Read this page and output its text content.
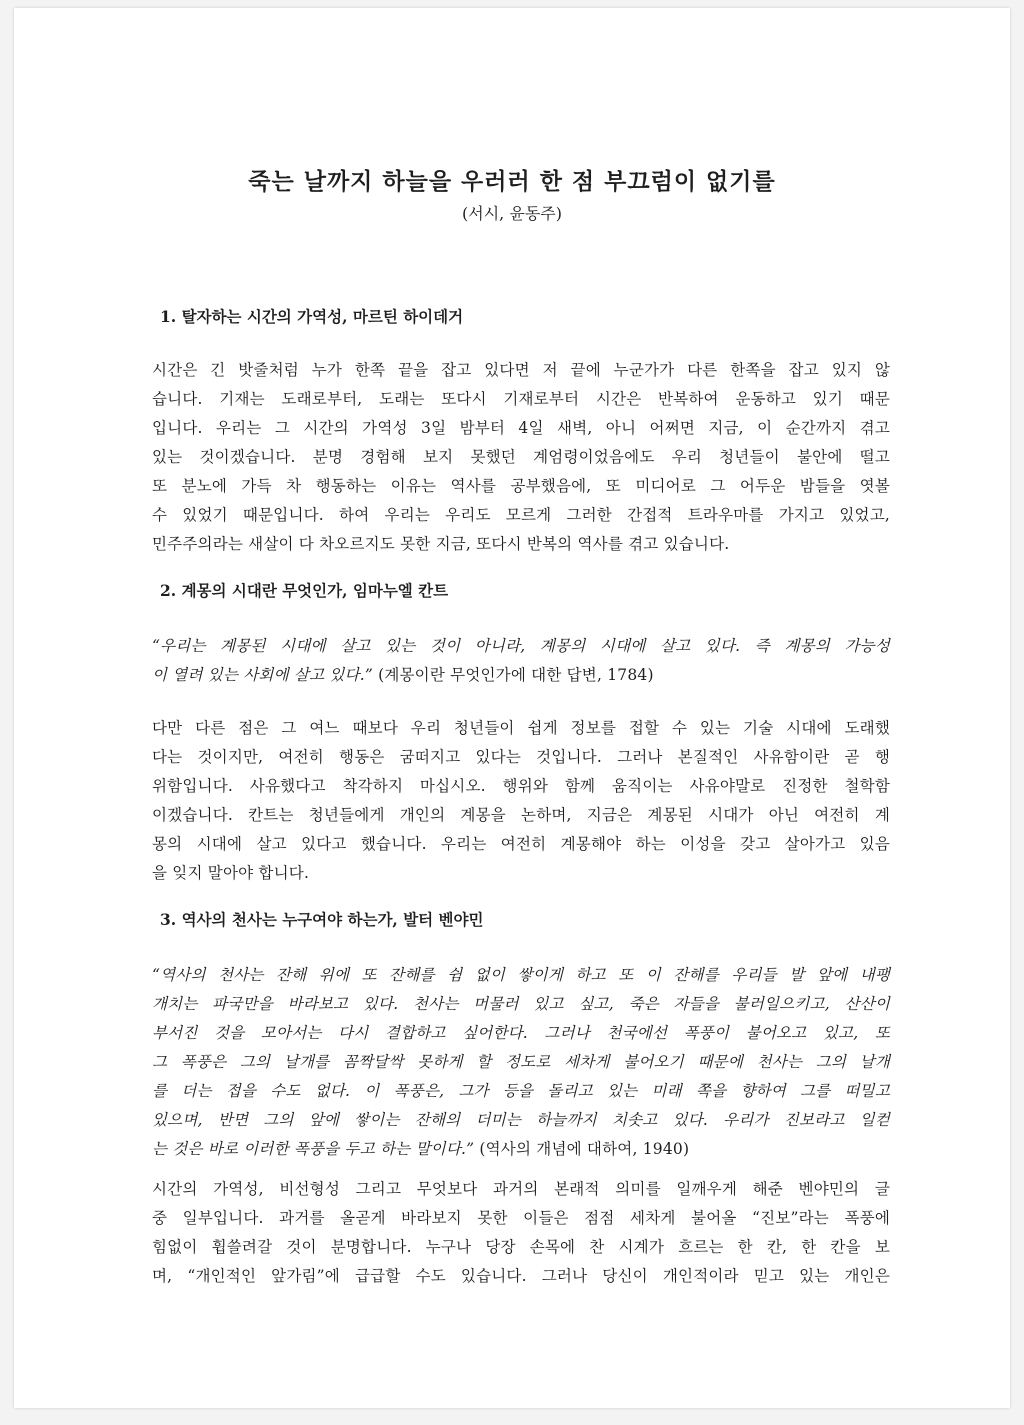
죽는 날까지 하늘을 우러러 한 점 부끄럼이 없기를

(서시, 윤동주)

1. 탈자하는 시간의 가역성, 마르틴 하이데거

시간은 긴 밧줄처럼 누가 한쪽 끝을 잡고 있다면 저 끝에 누군가가 다른 한쪽을 잡고 있지 않
습니다. 기재는 도래로부터, 도래는 또다시 기재로부터 시간은 반복하여 운동하고 있기 때문
입니다. 우리는 그 시간의 가역성 3일 밤부터 4일 새벽, 아니 어쩌면 지금, 이 순간까지 겪고
있는 것이겠습니다. 분명 경험해 보지 못했던 계엄령이었음에도 우리 청년들이 불안에 떨고
또 분노에 가득 차 행동하는 이유는 역사를 공부했음에, 또 미디어로 그 어두운 밤들을 엿볼
수 있었기 때문입니다. 하여 우리는 우리도 모르게 그러한 간접적 트라우마를 가지고 있었고,
민주주의라는 새살이 다 차오르지도 못한 지금, 또다시 반복의 역사를 겪고 있습니다.

2. 계몽의 시대란 무엇인가, 임마누엘 칸트

“우리는 계몽된 시대에 살고 있는 것이 아니라, 계몽의 시대에 살고 있다. 즉 계몽의 가능성
이 열려 있는 사회에 살고 있다.” (계몽이란 무엇인가에 대한 답변, 1784)

다만 다른 점은 그 여느 때보다 우리 청년들이 쉽게 정보를 접할 수 있는 기술 시대에 도래했
다는 것이지만, 여전히 행동은 굼떠지고 있다는 것입니다. 그러나 본질적인 사유함이란 곧 행
위함입니다. 사유했다고 착각하지 마십시오. 행위와 함께 움직이는 사유야말로 진정한 철학함
이겠습니다. 칸트는 청년들에게 개인의 계몽을 논하며, 지금은 계몽된 시대가 아닌 여전히 계
몽의 시대에 살고 있다고 했습니다. 우리는 여전히 계몽해야 하는 이성을 갖고 살아가고 있음
을 잊지 말아야 합니다.

3. 역사의 천사는 누구여야 하는가, 발터 벤야민

“역사의 천사는 잔해 위에 또 잔해를 쉼 없이 쌓이게 하고 또 이 잔해를 우리들 발 앞에 내팽
개치는 파국만을 바라보고 있다. 천사는 머물러 있고 싶고, 죽은 자들을 불러일으키고, 산산이
부서진 것을 모아서는 다시 결합하고 싶어한다. 그러나 천국에선 폭풍이 불어오고 있고, 또
그 폭풍은 그의 날개를 꼼짝달싹 못하게 할 정도로 세차게 불어오기 때문에 천사는 그의 날개
를 더는 접을 수도 없다. 이 폭풍은, 그가 등을 돌리고 있는 미래 쪽을 향하여 그를 떠밀고
있으며, 반면 그의 앞에 쌓이는 잔해의 더미는 하늘까지 치솟고 있다. 우리가 진보라고 일컫
는 것은 바로 이러한 폭풍을 두고 하는 말이다.” (역사의 개념에 대하여, 1940)

시간의 가역성, 비선형성 그리고 무엇보다 과거의 본래적 의미를 일깨우게 해준 벤야민의 글
중 일부입니다. 과거를 올곧게 바라보지 못한 이들은 점점 세차게 불어올 “진보”라는 폭풍에
힘없이 휩쓸려갈 것이 분명합니다. 누구나 당장 손목에 찬 시계가 흐르는 한 칸, 한 칸을 보
며, “개인적인 앞가림”에 급급할 수도 있습니다. 그러나 당신이 개인적이라 믿고 있는 개인은
